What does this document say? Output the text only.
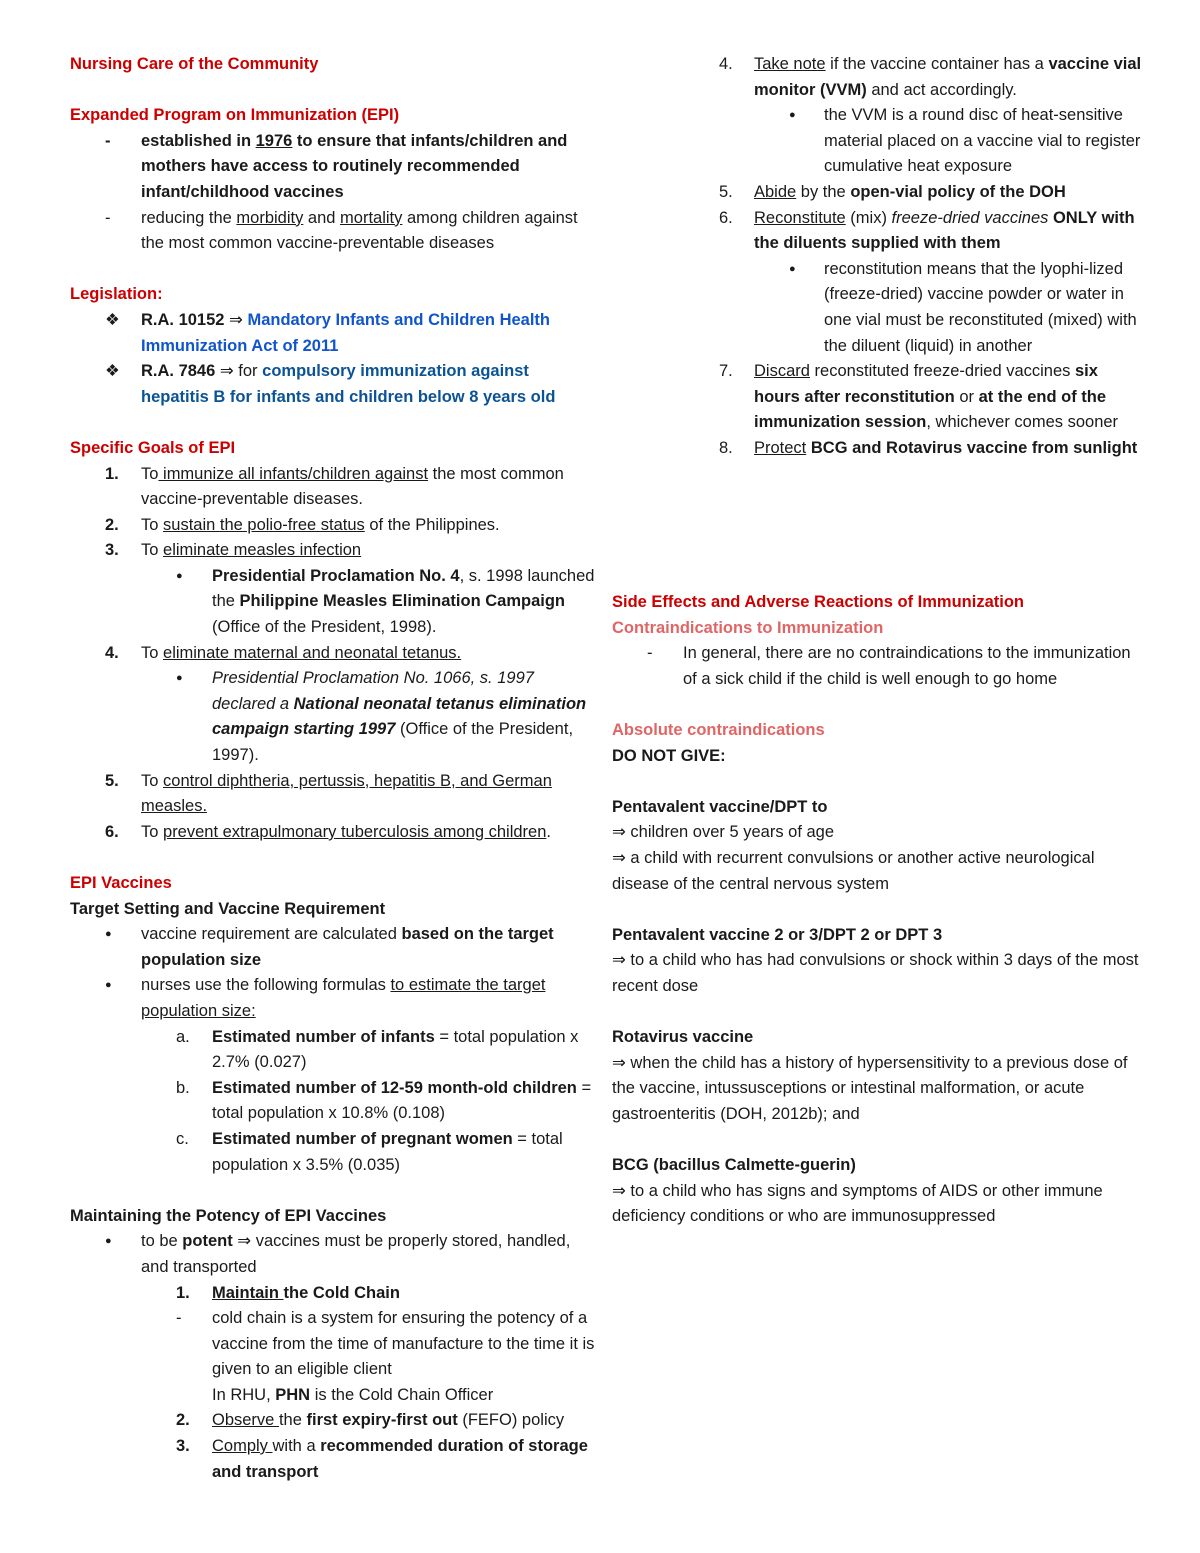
Nursing Care of the Community
Expanded Program on Immunization (EPI)
-	established in 1976 to ensure that infants/children and mothers have access to routinely recommended infant/childhood vaccines
-	reducing the morbidity and mortality among children against the most common vaccine-preventable diseases
Legislation:
❖	R.A. 10152 ⇒ Mandatory Infants and Children Health Immunization Act of 2011
❖	R.A. 7846 ⇒ for compulsory immunization against hepatitis B for infants and children below 8 years old
Specific Goals of EPI
1.	To immunize all infants/children against the most common vaccine-preventable diseases.
2.	To sustain the polio-free status of the Philippines.
3.	To eliminate measles infection
●	Presidential Proclamation No. 4, s. 1998 launched the Philippine Measles Elimination Campaign (Office of the President, 1998).
4.	To eliminate maternal and neonatal tetanus.
●	Presidential Proclamation No. 1066, s. 1997 declared a National neonatal tetanus elimination campaign starting 1997 (Office of the President, 1997).
5.	To control diphtheria, pertussis, hepatitis B, and German measles.
6.	To prevent extrapulmonary tuberculosis among children.
EPI Vaccines
Target Setting and Vaccine Requirement
●	vaccine requirement are calculated based on the target population size
●	nurses use the following formulas to estimate the target population size:
a.	Estimated number of infants = total population x 2.7% (0.027)
b.	Estimated number of 12-59 month-old children = total population x 10.8% (0.108)
c.	Estimated number of pregnant women = total population x 3.5% (0.035)
Maintaining the Potency of EPI Vaccines
●	to be potent ⇒ vaccines must be properly stored, handled, and transported
1.	Maintain the Cold Chain
-	cold chain is a system for ensuring the potency of a vaccine from the time of manufacture to the time it is given to an eligible client
In RHU, PHN is the Cold Chain Officer
2.	Observe the first expiry-first out (FEFO) policy
3.	Comply with a recommended duration of storage and transport
4.	Take note if the vaccine container has a vaccine vial monitor (VVM) and act accordingly.
●	the VVM is a round disc of heat-sensitive material placed on a vaccine vial to register cumulative heat exposure
5.	Abide by the open-vial policy of the DOH
6.	Reconstitute (mix) freeze-dried vaccines ONLY with the diluents supplied with them
●	reconstitution means that the lyophi-lized (freeze-dried) vaccine powder or water in one vial must be reconstituted (mixed) with the diluent (liquid) in another
7.	Discard reconstituted freeze-dried vaccines six hours after reconstitution or at the end of the immunization session, whichever comes sooner
8.	Protect BCG and Rotavirus vaccine from sunlight
Side Effects and Adverse Reactions of Immunization
Contraindications to Immunization
-	In general, there are no contraindications to the immunization of a sick child if the child is well enough to go home
Absolute contraindications
DO NOT GIVE:
Pentavalent vaccine/DPT to
⇒ children over 5 years of age
⇒ a child with recurrent convulsions or another active neurological disease of the central nervous system
Pentavalent vaccine 2 or 3/DPT 2 or DPT 3
⇒ to a child who has had convulsions or shock within 3 days of the most recent dose
Rotavirus vaccine
⇒ when the child has a history of hypersensitivity to a previous dose of the vaccine, intussusceptions or intestinal malformation, or acute gastroenteritis (DOH, 2012b); and
BCG (bacillus Calmette-guerin)
⇒ to a child who has signs and symptoms of AIDS or other immune deficiency conditions or who are immunosuppressed
